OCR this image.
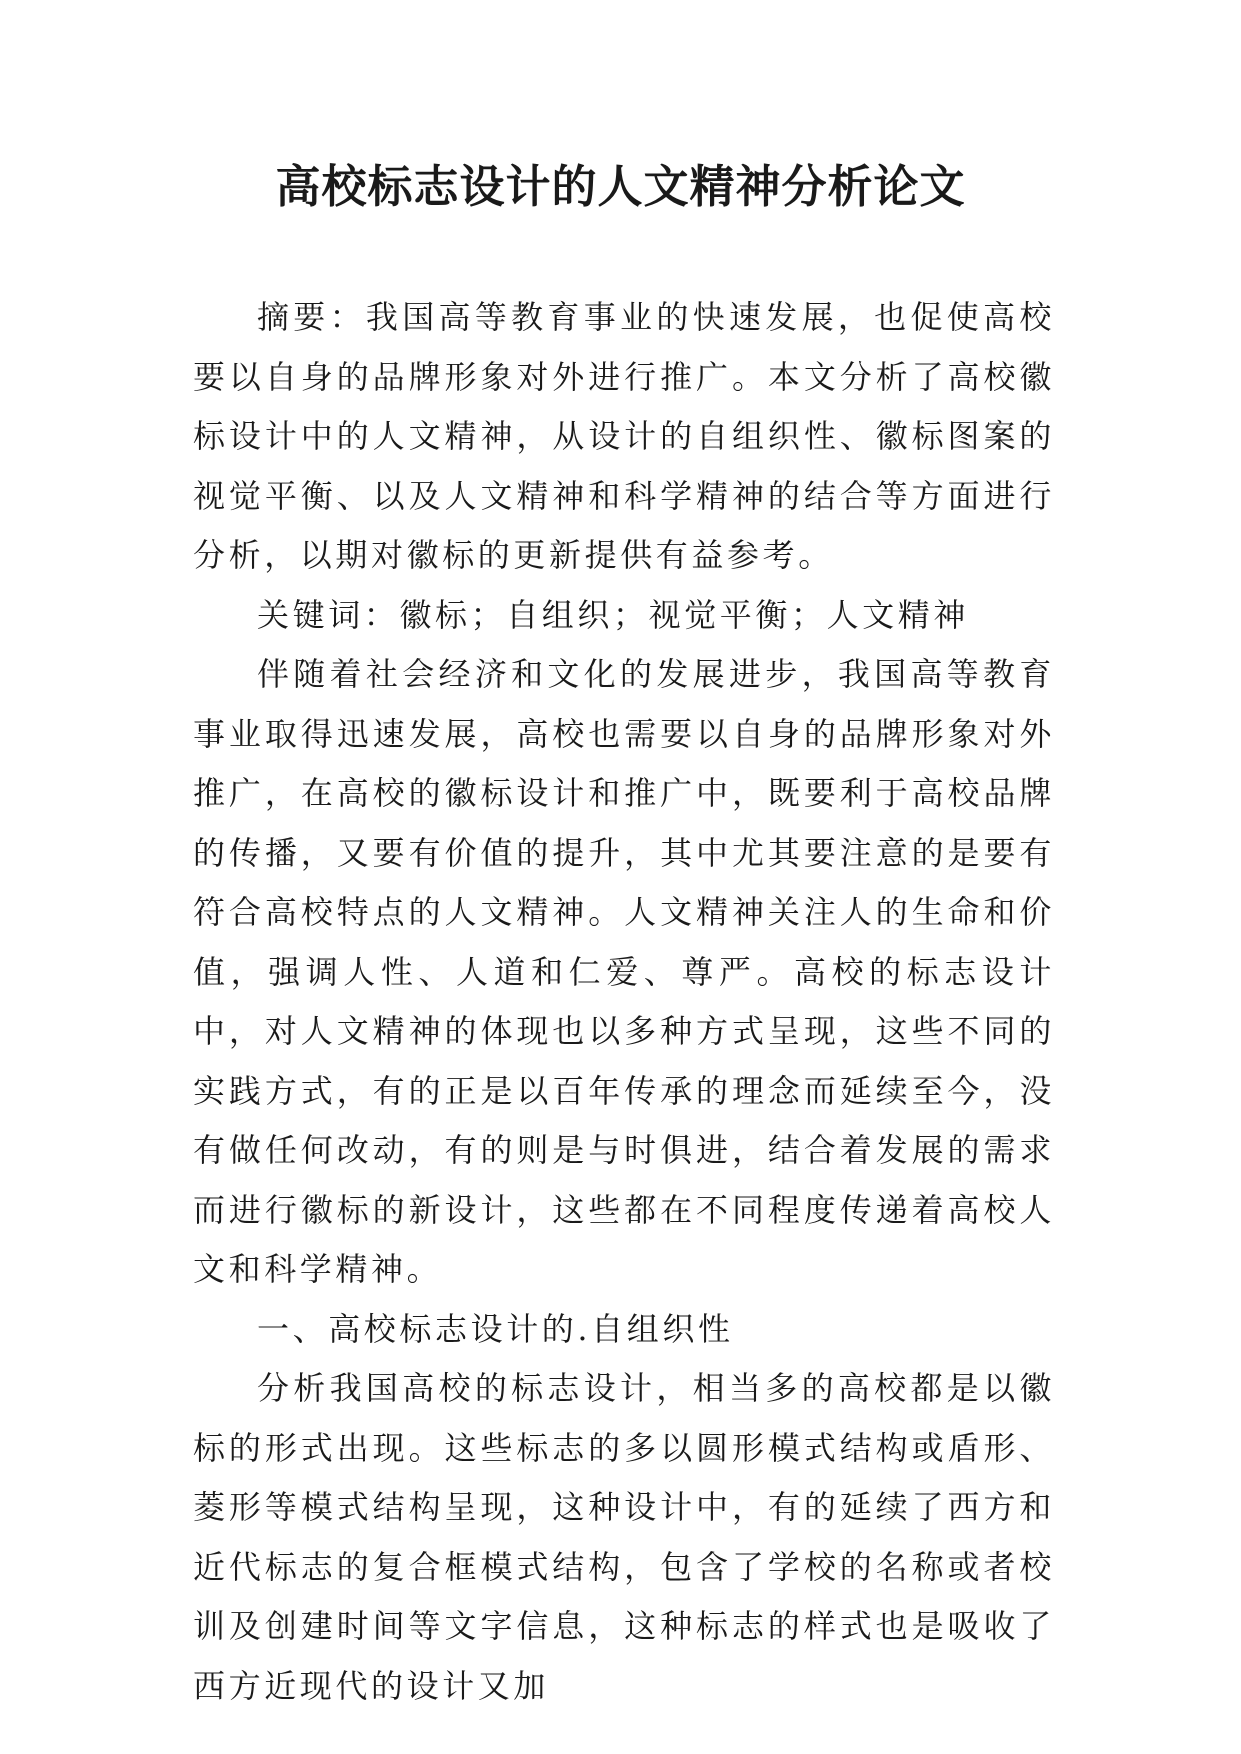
高校标志设计的人文精神分析论文

摘要：我国高等教育事业的快速发展，也促使高校要以自身的品牌形象对外进行推广。本文分析了高校徽标设计中的人文精神，从设计的自组织性、徽标图案的视觉平衡、以及人文精神和科学精神的结合等方面进行分析，以期对徽标的更新提供有益参考。

关键词：徽标；自组织；视觉平衡；人文精神

伴随着社会经济和文化的发展进步，我国高等教育事业取得迅速发展，高校也需要以自身的品牌形象对外推广，在高校的徽标设计和推广中，既要利于高校品牌的传播，又要有价值的提升，其中尤其要注意的是要有符合高校特点的人文精神。人文精神关注人的生命和价值，强调人性、人道和仁爱、尊严。高校的标志设计中，对人文精神的体现也以多种方式呈现，这些不同的实践方式，有的正是以百年传承的理念而延续至今，没有做任何改动，有的则是与时俱进，结合着发展的需求而进行徽标的新设计，这些都在不同程度传递着高校人文和科学精神。

一、高校标志设计的.自组织性

分析我国高校的标志设计，相当多的高校都是以徽标的形式出现。这些标志的多以圆形模式结构或盾形、菱形等模式结构呈现，这种设计中，有的延续了西方和近代标志的复合框模式结构，包含了学校的名称或者校训及创建时间等文字信息，这种标志的样式也是吸收了西方近现代的设计又加
